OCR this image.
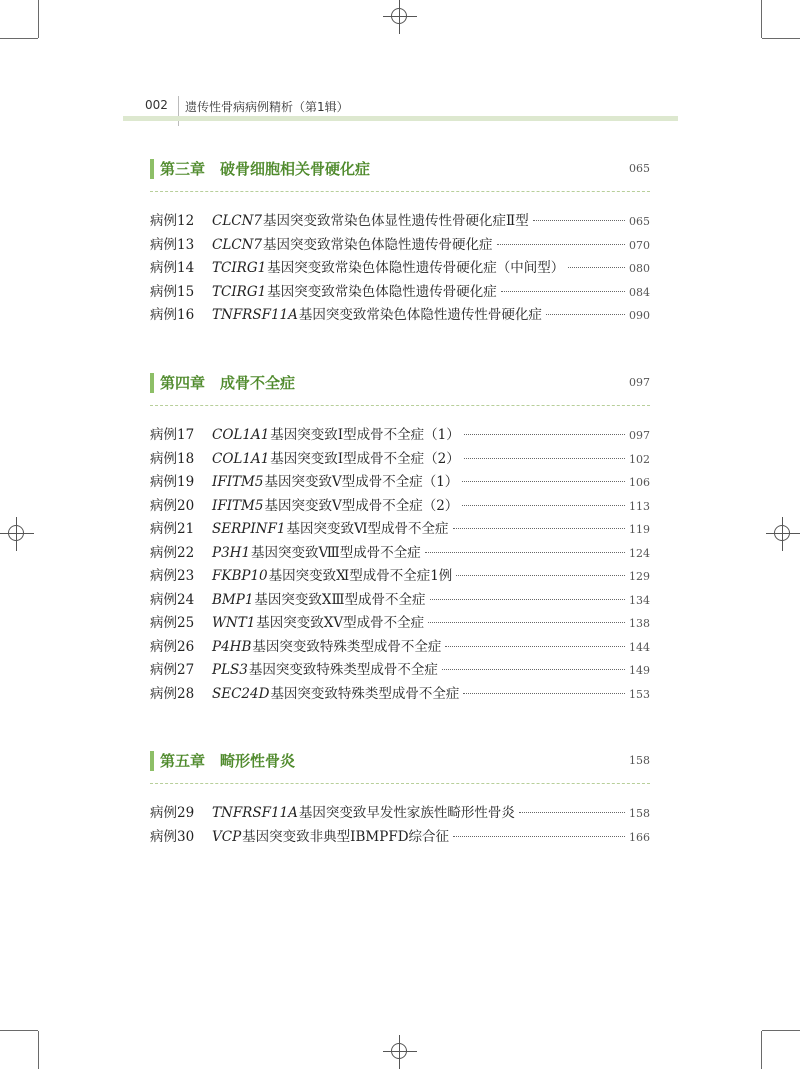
002 遗传性骨病病例精析（第1辑）
第三章　破骨细胞相关骨硬化症	065
病例12	CLCN7 基因突变致常染色体显性遗传性骨硬化症Ⅱ型	065
病例13	CLCN7 基因突变致常染色体隐性遗传骨硬化症	070
病例14	TCIRG1 基因突变致常染色体隐性遗传骨硬化症（中间型）	080
病例15	TCIRG1 基因突变致常染色体隐性遗传骨硬化症	084
病例16	TNFRSF11A 基因突变致常染色体隐性遗传性骨硬化症	090
第四章　成骨不全症	097
病例17	COL1A1 基因突变致Ⅰ型成骨不全症（1）	097
病例18	COL1A1 基因突变致Ⅰ型成骨不全症（2）	102
病例19	IFITM5 基因突变致Ⅴ型成骨不全症（1）	106
病例20	IFITM5 基因突变致Ⅴ型成骨不全症（2）	113
病例21	SERPINF1 基因突变致Ⅵ型成骨不全症	119
病例22	P3H1 基因突变致Ⅷ型成骨不全症	124
病例23	FKBP10 基因突变致Ⅺ型成骨不全症1例	129
病例24	BMP1 基因突变致ⅩⅢ型成骨不全症	134
病例25	WNT1 基因突变致ⅩⅤ型成骨不全症	138
病例26	P4HB 基因突变致特殊类型成骨不全症	144
病例27	PLS3 基因突变致特殊类型成骨不全症	149
病例28	SEC24D 基因突变致特殊类型成骨不全症	153
第五章　畸形性骨炎	158
病例29	TNFRSF11A 基因突变致早发性家族性畸形性骨炎	158
病例30	VCP 基因突变致非典型IBMPFD综合征	166
